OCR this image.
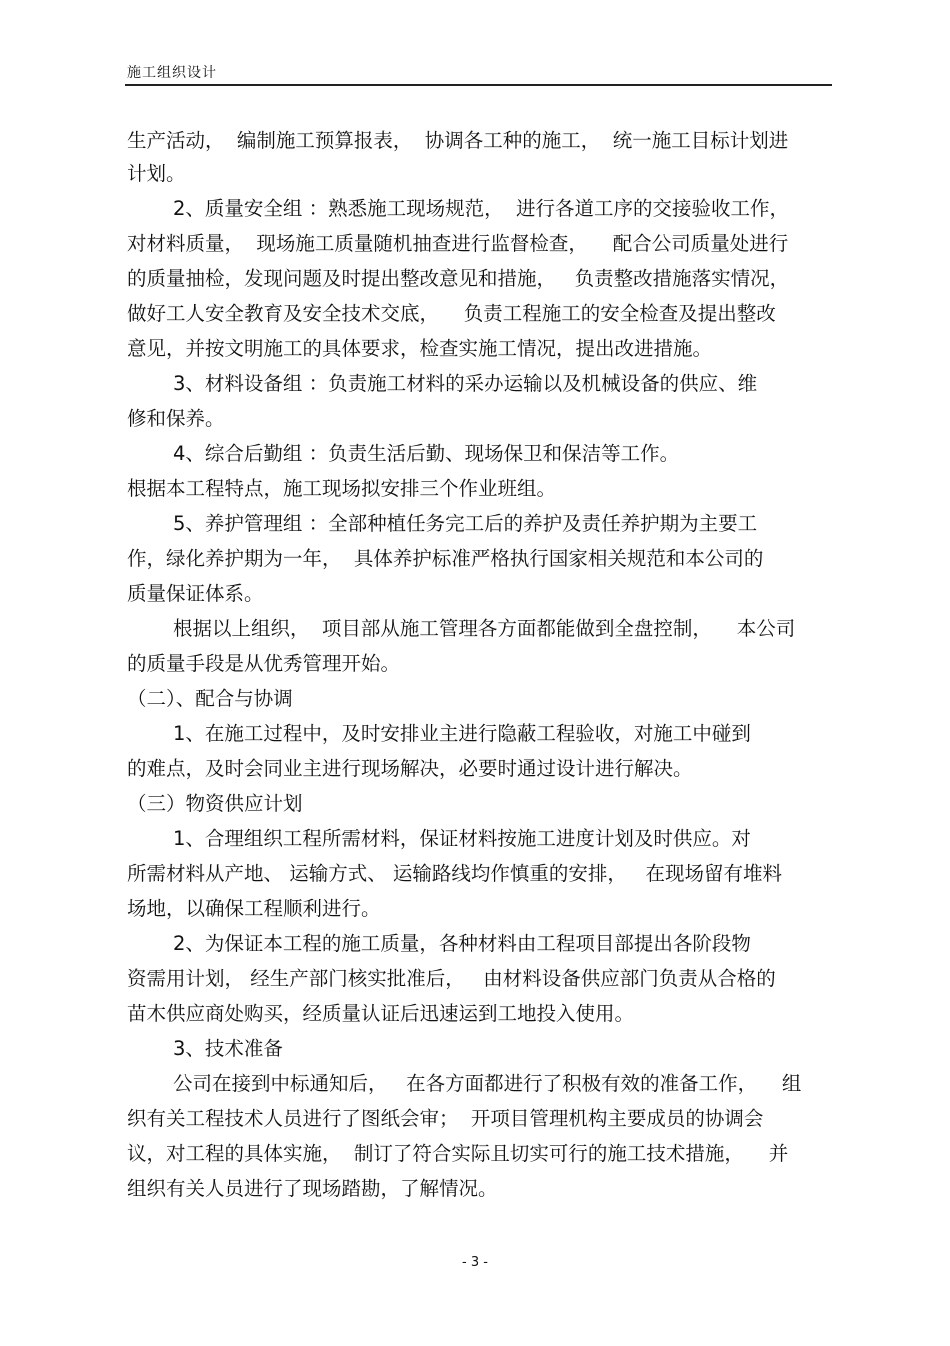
施工组织设计
生产活动，  编制施工预算报表，  协调各工种的施工，  统一施工目标计划进
计划。
2、质量安全组 ：熟悉施工现场规范，  进行各道工序的交接验收工作，
对材料质量，  现场施工质量随机抽查进行监督检查，    配合公司质量处进行
的质量抽检，发现问题及时提出整改意见和措施，   负责整改措施落实情况，
做好工人安全教育及安全技术交底，    负责工程施工的安全检查及提出整改
意见，并按文明施工的具体要求，检查实施工情况，提出改进措施。
3、材料设备组 ：负责施工材料的采办运输以及机械设备的供应、维
修和保养。
4、综合后勤组 ：负责生活后勤、现场保卫和保洁等工作。
根据本工程特点，施工现场拟安排三个作业班组。
5、养护管理组 ：全部种植任务完工后的养护及责任养护期为主要工
作，绿化养护期为一年，  具体养护标准严格执行国家相关规范和本公司的
质量保证体系。
根据以上组织，  项目部从施工管理各方面都能做到全盘控制，    本公司
的质量手段是从优秀管理开始。
（二）、配合与协调
1、在施工过程中，及时安排业主进行隐蔽工程验收，对施工中碰到
的难点，及时会同业主进行现场解决，必要时通过设计进行解决。
（三）物资供应计划
1、合理组织工程所需材料，保证材料按施工进度计划及时供应。对
所需材料从产地、 运输方式、 运输路线均作慎重的安排，   在现场留有堆料
场地，以确保工程顺利进行。
2、为保证本工程的施工质量，各种材料由工程项目部提出各阶段物
资需用计划， 经生产部门核实批准后，   由材料设备供应部门负责从合格的
苗木供应商处购买，经质量认证后迅速运到工地投入使用。
3、技术准备
公司在接到中标通知后，   在各方面都进行了积极有效的准备工作，    组
织有关工程技术人员进行了图纸会审；  开项目管理机构主要成员的协调会
议，对工程的具体实施，  制订了符合实际且切实可行的施工技术措施，    并
组织有关人员进行了现场踏勘，了解情况。
- 3 -
